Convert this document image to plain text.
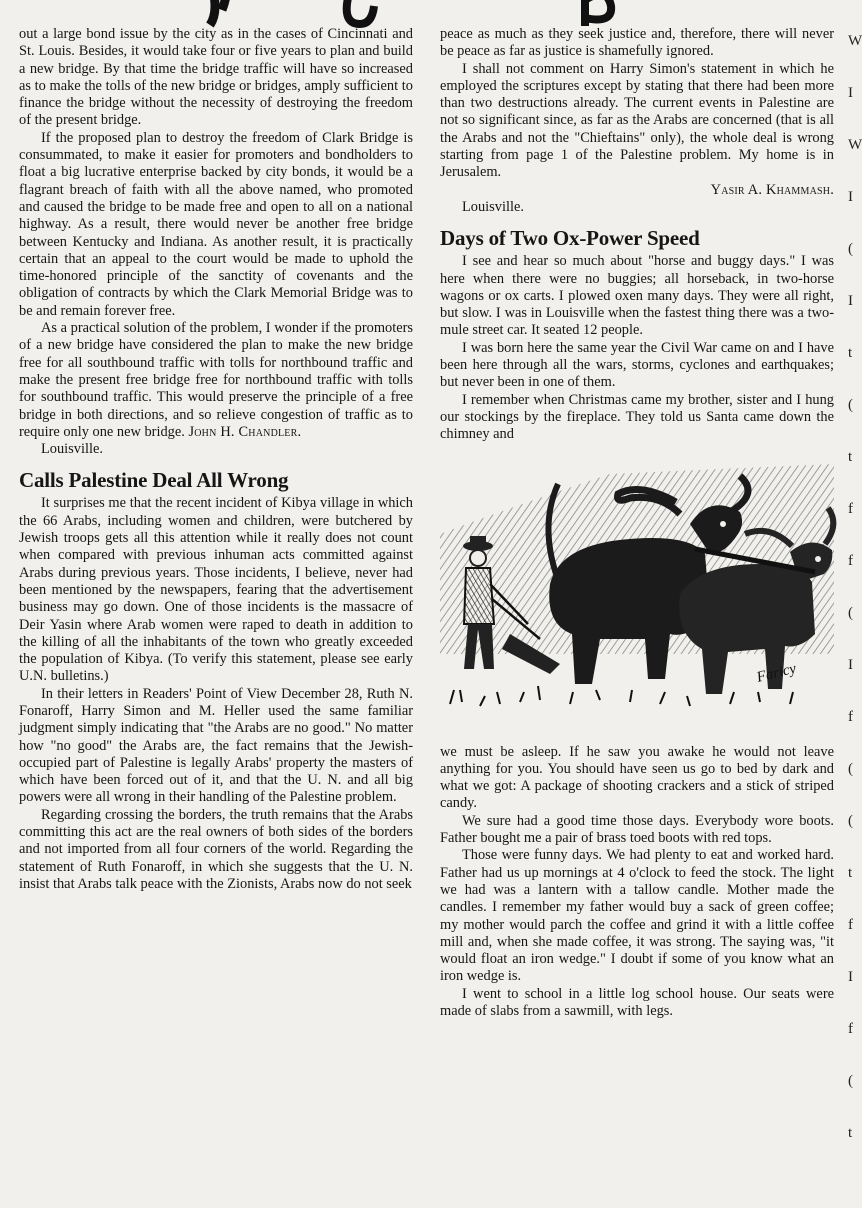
out a large bond issue by the city as in the cases of Cincinnati and St. Louis. Besides, it would take four or five years to plan and build a new bridge. By that time the bridge traffic will have so increased as to make the tolls of the new bridge or bridges, amply sufficient to finance the bridge without the necessity of destroying the freedom of the present bridge.

If the proposed plan to destroy the freedom of Clark Bridge is consummated, to make it easier for promoters and bondholders to float a big lucrative enterprise backed by city bonds, it would be a flagrant breach of faith with all the above named, who promoted and caused the bridge to be made free and open to all on a national highway. As a result, there would never be another free bridge between Kentucky and Indiana. As another result, it is practically certain that an appeal to the court would be made to uphold the time-honored principle of the sanctity of covenants and the obligation of contracts by which the Clark Memorial Bridge was to be and remain forever free.

As a practical solution of the problem, I wonder if the promoters of a new bridge have considered the plan to make the new bridge free for all southbound traffic with tolls for northbound traffic and make the present free bridge free for northbound traffic with tolls for southbound traffic. This would preserve the principle of a free bridge in both directions, and so relieve congestion of traffic as to require only one new bridge. John H. Chandler.

Louisville.

Calls Palestine Deal All Wrong

It surprises me that the recent incident of Kibya village in which the 66 Arabs, including women and children, were butchered by Jewish troops gets all this attention while it really does not count when compared with previous inhuman acts committed against Arabs during previous years. Those incidents, I believe, never had been mentioned by the newspapers, fearing that the advertisement business may go down. One of those incidents is the massacre of Deir Yasin where Arab women were raped to death in addition to the killing of all the inhabitants of the town who greatly exceeded the population of Kibya. (To verify this statement, please see early U.N. bulletins.)

In their letters in Readers' Point of View December 28, Ruth N. Fonaroff, Harry Simon and M. Heller used the same familiar judgment simply indicating that "the Arabs are no good." No matter how "no good" the Arabs are, the fact remains that the Jewish-occupied part of Palestine is legally Arabs' property the masters of which have been forced out of it, and that the U. N. and all big powers were all wrong in their handling of the Palestine problem.

Regarding crossing the borders, the truth remains that the Arabs committing this act are the real owners of both sides of the borders and not imported from all four corners of the world. Regarding the statement of Ruth Fonaroff, in which she suggests that the U. N. insist that Arabs talk peace with the Zionists, Arabs now do not seek

peace as much as they seek justice and, therefore, there will never be peace as far as justice is shamefully ignored.

I shall not comment on Harry Simon's statement in which he employed the scriptures except by stating that there had been more than two destructions already. The current events in Palestine are not so significant since, as far as the Arabs are concerned (that is all the Arabs and not the "Chieftains" only), the whole deal is wrong starting from page 1 of the Palestine problem. My home is in Jerusalem.

Yasir A. Khammash.

Louisville.

Days of Two Ox-Power Speed

I see and hear so much about "horse and buggy days." I was here when there were no buggies; all horseback, in two-horse wagons or ox carts. I plowed oxen many days. They were all right, but slow. I was in Louisville when the fastest thing there was a two-mule street car. It seated 12 people.

I was born here the same year the Civil War came on and I have been here through all the wars, storms, cyclones and earthquakes; but never been in one of them.

I remember when Christmas came my brother, sister and I hung our stockings by the fireplace. They told us Santa came down the chimney and

Faricy

we must be asleep. If he saw you awake he would not leave anything for you. You should have seen us go to bed by dark and what we got: A package of shooting crackers and a stick of striped candy.

We sure had a good time those days. Everybody wore boots. Father bought me a pair of brass toed boots with red tops.

Those were funny days. We had plenty to eat and worked hard. Father had us up mornings at 4 o'clock to feed the stock. The light we had was a lantern with a tallow candle. Mother made the candles. I remember my father would buy a sack of green coffee; my mother would parch the coffee and grind it with a little coffee mill and, when she made coffee, it was strong. The saying was, "it would float an iron wedge." I doubt if some of you know what an iron wedge is.

I went to school in a little log school house. Our seats were made of slabs from a sawmill, with legs.

W
I
W
I
(
I
t
(
t
f
f
(
I
f
(
(
t
f
I
f
(
t
